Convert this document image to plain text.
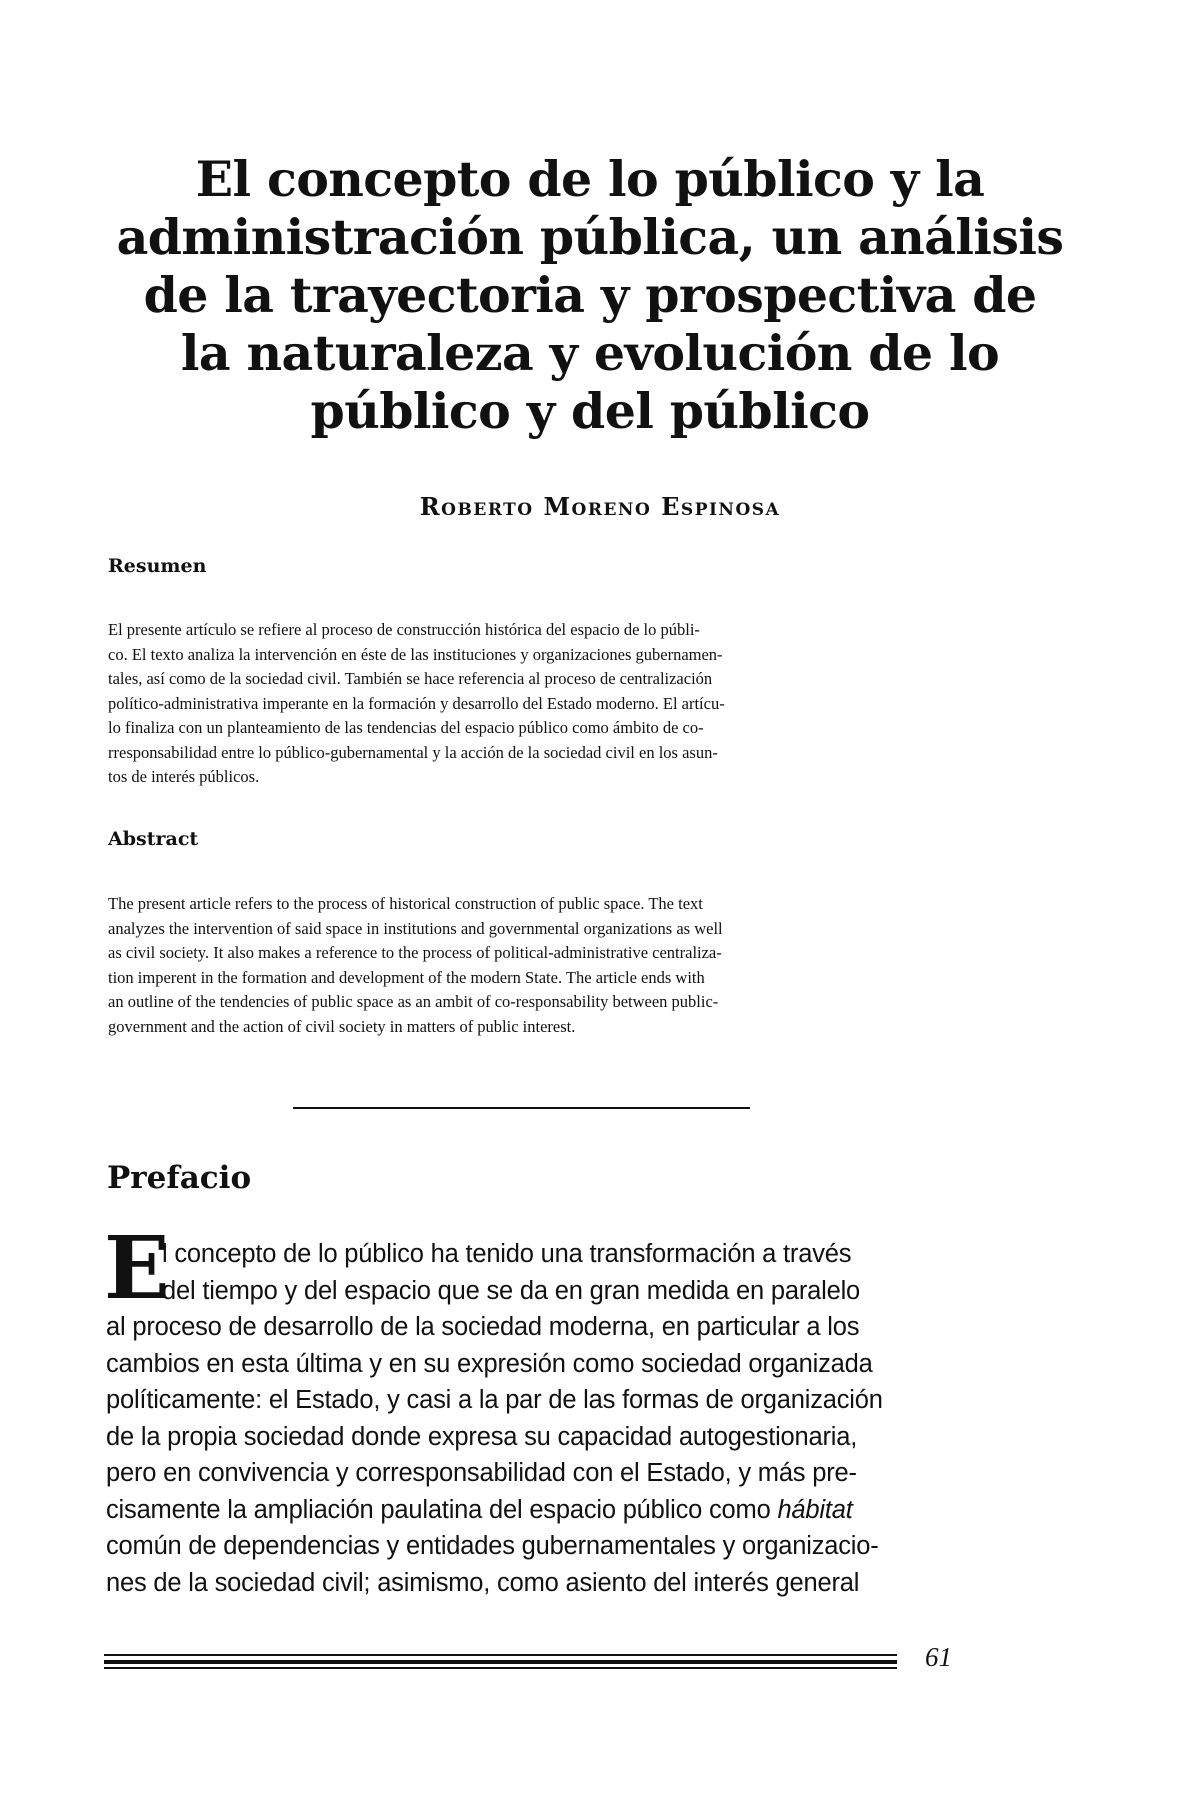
El concepto de lo público y la
administración pública, un análisis
de la trayectoria y prospectiva de
la naturaleza y evolución de lo
público y del público
Roberto Moreno Espinosa
Resumen

El presente artículo se refiere al proceso de construcción histórica del espacio de lo públi-
co. El texto analiza la intervención en éste de las instituciones y organizaciones gubernamen-
tales, así como de la sociedad civil. También se hace referencia al proceso de centralización
político-administrativa imperante en la formación y desarrollo del Estado moderno. El artícu-
lo finaliza con un planteamiento de las tendencias del espacio público como ámbito de co-
rresponsabilidad entre lo público-gubernamental y la acción de la sociedad civil en los asun-
tos de interés públicos.

Abstract

The present article refers to the process of historical construction of public space. The text
analyzes the intervention of said space in institutions and governmental organizations as well
as civil society. It also makes a reference to the process of political-administrative centraliza-
tion imperent in the formation and development of the modern State. The article ends with
an outline of the tendencies of public space as an ambit of co-responsability between public-
government and the action of civil society in matters of public interest.

Prefacio
E

l concepto de lo público ha tenido una transformación a través
del tiempo y del espacio que se da en gran medida en paralelo
al proceso de desarrollo de la sociedad moderna, en particular a los
cambios en esta última y en su expresión como sociedad organizada
políticamente: el Estado, y casi a la par de las formas de organización
de la propia sociedad donde expresa su capacidad autogestionaria,
pero en convivencia y corresponsabilidad con el Estado, y más pre-
cisamente la ampliación paulatina del espacio público como hábitat
común de dependencias y entidades gubernamentales y organizacio-
nes de la sociedad civil; asimismo, como asiento del interés general

61
